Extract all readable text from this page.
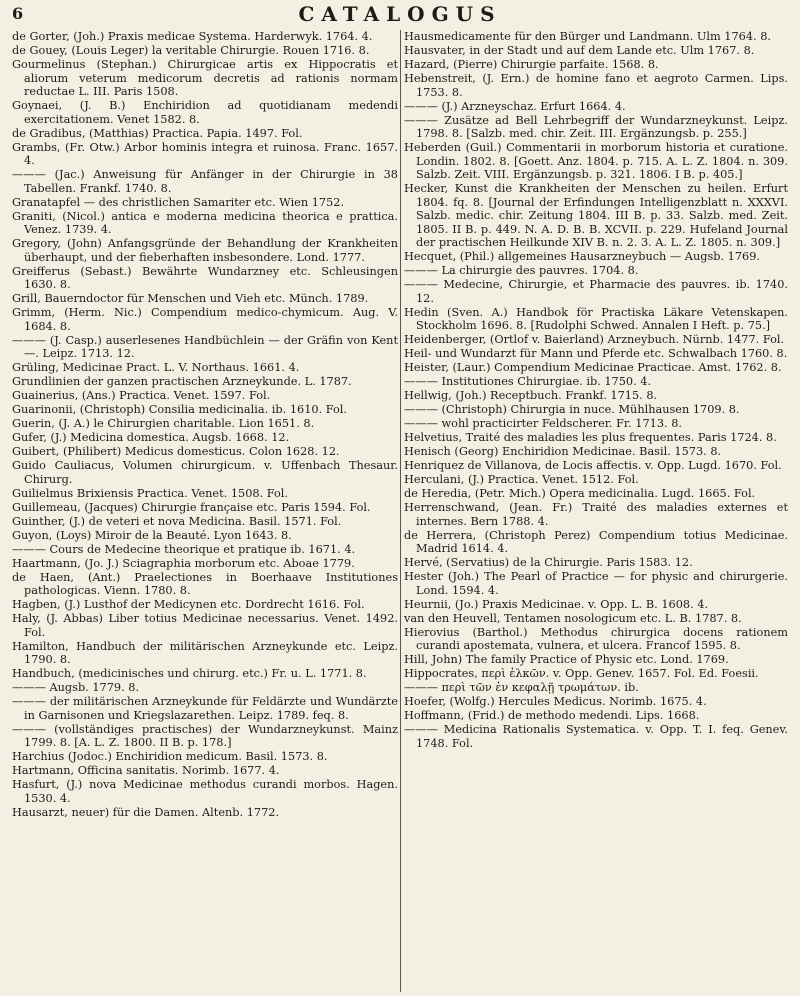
6	CATALOGUS

de Gorter, (Joh.) Praxis medicae Systema. Harderwyk. 1764. 4.

de Gouey, (Louis Leger) la veritable Chirurgie. Rouen 1716. 8.

Gourmelinus (Stephan.) Chirurgicae artis ex Hippocratis et aliorum veterum medicorum decretis ad rationis normam reductae L. III. Paris 1508.

Goynaei, (J. B.) Enchiridion ad quotidianam medendi exercitationem. Venet 1582. 8.

de Gradibus, (Matthias) Practica. Papia. 1497. Fol.

Grambs, (Fr. Otw.) Arbor hominis integra et ruinosa. Franc. 1657. 4.

——— (Jac.) Anweisung für Anfänger in der Chirurgie in 38 Tabellen. Frankf. 1740. 8.

Granatapfel — des christlichen Samariter etc. Wien 1752.

Graniti, (Nicol.) antica e moderna medicina theorica e prattica. Venez. 1739. 4.

Gregory, (John) Anfangsgründe der Behandlung der Krankheiten überhaupt, und der fieberhaften insbesondere. Lond. 1777.

Greifferus (Sebast.) Bewährte Wundarzney etc. Schleusingen 1630. 8.

Grill, Bauerndoctor für Menschen und Vieh etc. Münch. 1789.

Grimm, (Herm. Nic.) Compendium medico-chymicum. Aug. V. 1684. 8.

——— (J. Casp.) auserlesenes Handbüchlein — der Gräfin von Kent —. Leipz. 1713. 12.

Grüling, Medicinae Pract. L. V. Northaus. 1661. 4.

Grundlinien der ganzen practischen Arzneykunde. L. 1787.

Guainerius, (Ans.) Practica. Venet. 1597. Fol.

Guarinonii, (Christoph) Consilia medicinalia. ib. 1610. Fol.

Guerin, (J. A.) le Chirurgien charitable. Lion 1651. 8.

Gufer, (J.) Medicina domestica. Augsb. 1668. 12.

Guibert, (Philibert) Medicus domesticus. Colon 1628. 12.

Guido Cauliacus, Volumen chirurgicum. v. Uffenbach Thesaur. Chirurg.

Guilielmus Brixiensis Practica. Venet. 1508. Fol.

Guillemeau, (Jacques) Chirurgie française etc. Paris 1594. Fol.

Guinther, (J.) de veteri et nova Medicina. Basil. 1571. Fol.

Guyon, (Loys) Miroir de la Beauté. Lyon 1643. 8.

——— Cours de Medecine theorique et pratique ib. 1671. 4.

Haartmann, (Jo. J.) Sciagraphia morborum etc. Aboae 1779.

de Haen, (Ant.) Praelectiones in Boerhaave Institutiones pathologicas. Vienn. 1780. 8.

Hagben, (J.) Lusthof der Medicynen etc. Dordrecht 1616. Fol.

Haly, (J. Abbas) Liber totius Medicinae necessarius. Venet. 1492. Fol.

Hamilton, Handbuch der militärischen Arzneykunde etc. Leipz. 1790. 8.

Handbuch, (medicinisches und chirurg. etc.) Fr. u. L. 1771. 8.

——— Augsb. 1779. 8.

——— der militärischen Arzneykunde für Feldärzte und Wundärzte in Garnisonen und Kriegslazarethen. Leipz. 1789. feq. 8.

——— (vollständiges practisches) der Wundarzneykunst. Mainz 1799. 8. [A. L. Z. 1800. II B. p. 178.]

Harchius (Jodoc.) Enchiridion medicum. Basil. 1573. 8.

Hartmann, Officina sanitatis. Norimb. 1677. 4.

Hasfurt, (J.) nova Medicinae methodus curandi morbos. Hagen. 1530. 4.

Hausarzt, neuer) für die Damen. Altenb. 1772.

Hausmedicamente für den Bürger und Landmann. Ulm 1764. 8.

Hausvater, in der Stadt und auf dem Lande etc. Ulm 1767. 8.

Hazard, (Pierre) Chirurgie parfaite. 1568. 8.

Hebenstreit, (J. Ern.) de homine fano et aegroto Carmen. Lips. 1753. 8.

——— (J.) Arzneyschaz. Erfurt 1664. 4.

——— Zusätze ad Bell Lehrbegriff der Wundarzneykunst. Leipz. 1798. 8. [Salzb. med. chir. Zeit. III. Ergänzungsb. p. 255.]

Heberden (Guil.) Commentarii in morborum historia et curatione. Londin. 1802. 8. [Goett. Anz. 1804. p. 715. A. L. Z. 1804. n. 309. Salzb. Zeit. VIII. Ergänzungsb. p. 321. 1806. I B. p. 405.]

Hecker, Kunst die Krankheiten der Menschen zu heilen. Erfurt 1804. fq. 8. [Journal der Erfindungen Intelligenzblatt n. XXXVI. Salzb. medic. chir. Zeitung 1804. III B. p. 33. Salzb. med. Zeit. 1805. II B. p. 449. N. A. D. B. B. XCVII. p. 229. Hufeland Journal der practischen Heilkunde XIV B. n. 2. 3. A. L. Z. 1805. n. 309.]

Hecquet, (Phil.) allgemeines Hausarzneybuch — Augsb. 1769.

——— La chirurgie des pauvres. 1704. 8.

——— Medecine, Chirurgie, et Pharmacie des pauvres. ib. 1740. 12.

Hedin (Sven. A.) Handbok för Practiska Läkare Vetenskapen. Stockholm 1696. 8. [Rudolphi Schwed. Annalen I Heft. p. 75.]

Heidenberger, (Ortlof v. Baierland) Arzneybuch. Nürnb. 1477. Fol.

Heil- und Wundarzt für Mann und Pferde etc. Schwalbach 1760. 8.

Heister, (Laur.) Compendium Medicinae Practicae. Amst. 1762. 8.

——— Institutiones Chirurgiae. ib. 1750. 4.

Hellwig, (Joh.) Receptbuch. Frankf. 1715. 8.

——— (Christoph) Chirurgia in nuce. Mühlhausen 1709. 8.

——— wohl practicirter Feldscherer. Fr. 1713. 8.

Helvetius, Traité des maladies les plus frequentes. Paris 1724. 8.

Henisch (Georg) Enchiridion Medicinae. Basil. 1573. 8.

Henriquez de Villanova, de Locis affectis. v. Opp. Lugd. 1670. Fol.

Herculani, (J.) Practica. Venet. 1512. Fol.

de Heredia, (Petr. Mich.) Opera medicinalia. Lugd. 1665. Fol.

Herrenschwand, (Jean. Fr.) Traité des maladies externes et internes. Bern 1788. 4.

de Herrera, (Christoph Perez) Compendium totius Medicinae. Madrid 1614. 4.

Hervé, (Servatius) de la Chirurgie. Paris 1583. 12.

Hester (Joh.) The Pearl of Practice — for physic and chirurgerie. Lond. 1594. 4.

Heurnii, (Jo.) Praxis Medicinae. v. Opp. L. B. 1608. 4.

van den Heuvell, Tentamen nosologicum etc. L. B. 1787. 8.

Hierovius (Barthol.) Methodus chirurgica docens rationem curandi apostemata, vulnera, et ulcera. Francof 1595. 8.

Hill, John) The family Practice of Physic etc. Lond. 1769.

Hippocrates, περὶ ἑλκῶν. v. Opp. Genev. 1657. Fol. Ed. Foesii.

——— περὶ τῶν ἐν κεφαλῇ τρωμάτων. ib.

Hoefer, (Wolfg.) Hercules Medicus. Norimb. 1675. 4.

Hoffmann, (Frid.) de methodo medendi. Lips. 1668.

——— Medicina Rationalis Systematica. v. Opp. T. I. feq. Genev. 1748. Fol.
